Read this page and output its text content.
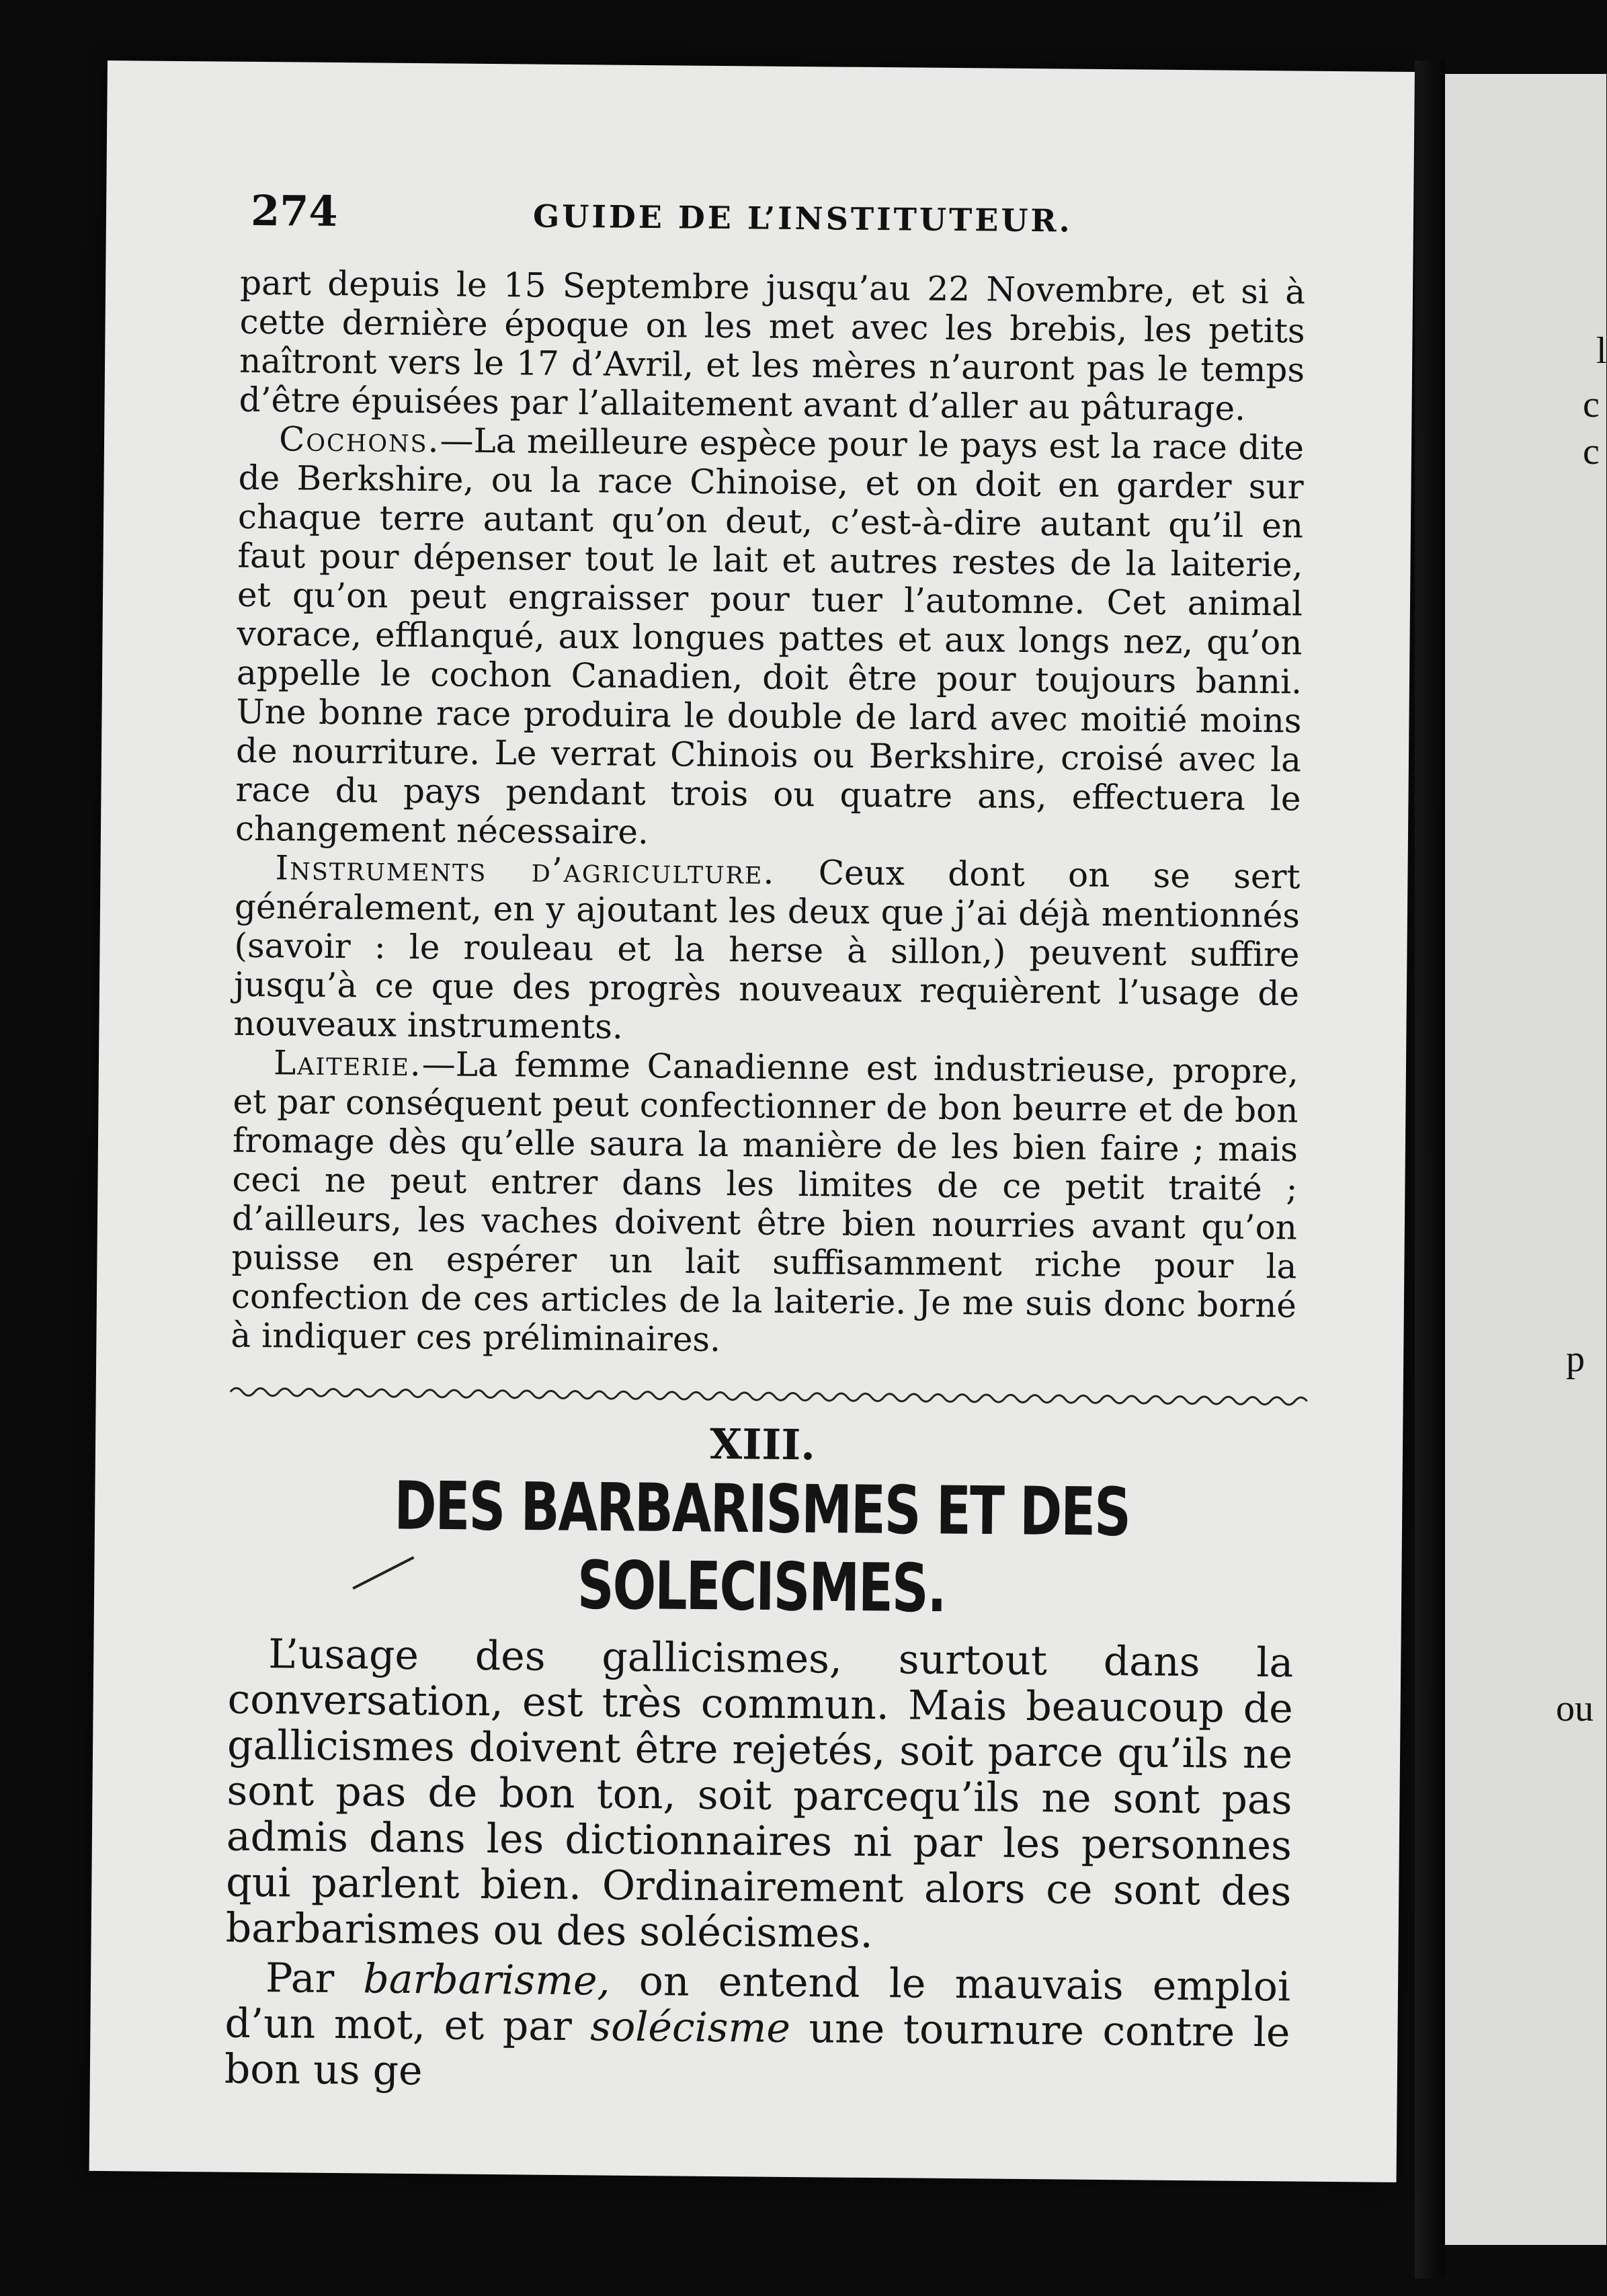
l
c
c
p
ou
274	GUIDE DE L’INSTITUTEUR.

part depuis le 15 Septembre jusqu’au 22 Novembre, et si à cette dernière époque on les met avec les brebis, les petits naîtront vers le 17 d’Avril, et les mères n’auront pas le temps d’être épuisées par l’allaitement avant d’aller au pâturage.

Cochons.—La meilleure espèce pour le pays est la race dite de Berkshire, ou la race Chinoise, et on doit en garder sur chaque terre autant qu’on deut, c’est-à-dire autant qu’il en faut pour dépenser tout le lait et autres restes de la laiterie, et qu’on peut engraisser pour tuer l’automne. Cet animal vorace, efflanqué, aux longues pattes et aux longs nez, qu’on appelle le cochon Canadien, doit être pour toujours banni. Une bonne race produira le double de lard avec moitié moins de nourriture. Le verrat Chinois ou Berkshire, croisé avec la race du pays pendant trois ou quatre ans, effectuera le changement nécessaire.

Instruments d’agriculture. Ceux dont on se sert généralement, en y ajoutant les deux que j’ai déjà mentionnés (savoir : le rouleau et la herse à sillon,) peuvent suffire jusqu’à ce que des progrès nouveaux requièrent l’usage de nouveaux instruments.

Laiterie.—La femme Canadienne est industrieuse, propre, et par conséquent peut confectionner de bon beurre et de bon fromage dès qu’elle saura la manière de les bien faire ; mais ceci ne peut entrer dans les limites de ce petit traité ; d’ailleurs, les vaches doivent être bien nourries avant qu’on puisse en espérer un lait suffisamment riche pour la confection de ces articles de la laiterie. Je me suis donc borné à indiquer ces préliminaires.

XIII.
DES BARBARISMES ET DES SOLECISMES.

L’usage des gallicismes, surtout dans la conversation, est très commun. Mais beaucoup de gallicismes doivent être rejetés, soit parce qu’ils ne sont pas de bon ton, soit parcequ’ils ne sont pas admis dans les dictionnaires ni par les personnes qui parlent bien. Ordinairement alors ce sont des barbarismes ou des solécismes.

Par barbarisme, on entend le mauvais emploi d’un mot, et par solécisme une tournure contre le bon us ge
